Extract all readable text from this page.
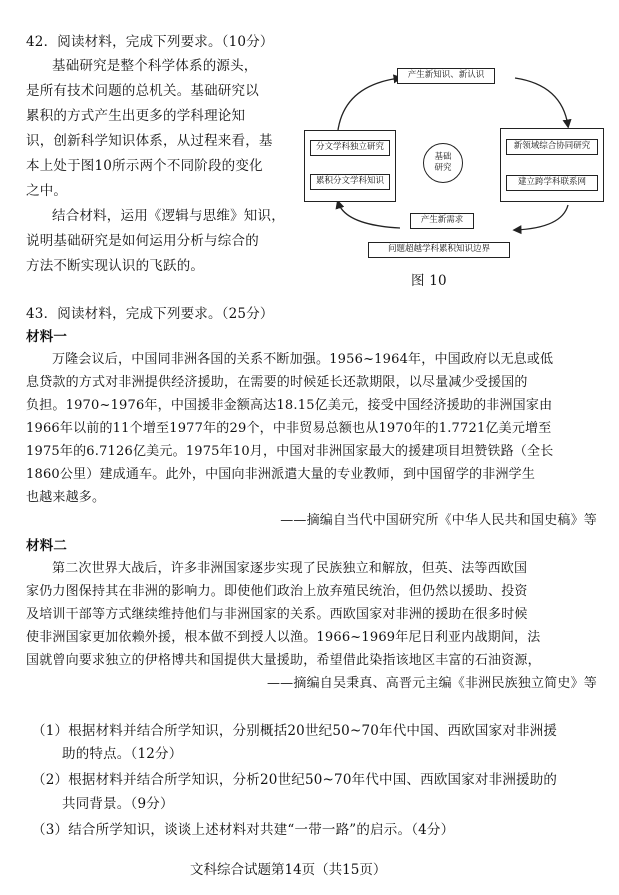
42．阅读材料，完成下列要求。（10分）
基础研究是整个科学体系的源头，
是所有技术问题的总机关。基础研究以
累积的方式产生出更多的学科理论知
识，创新科学知识体系，从过程来看，基
本上处于图10所示两个不同阶段的变化
之中。
结合材料，运用《逻辑与思维》知识，
说明基础研究是如何运用分析与综合的
方法不断实现认识的飞跃的。
产生新知识、新认识
分文学科独立研究
累积分文学科知识
基础
研究
新领域综合协同研究
建立跨学科联系网
产生新需求
问题超越学科累积知识边界
图 10
43．阅读材料，完成下列要求。（25分）
材料一
万隆会议后，中国同非洲各国的关系不断加强。1956~1964年，中国政府以无息或低
息贷款的方式对非洲提供经济援助，在需要的时候延长还款期限，以尽量减少受援国的
负担。1970~1976年，中国援非金额高达18.15亿美元，接受中国经济援助的非洲国家由
1966年以前的11个增至1977年的29个，中非贸易总额也从1970年的1.7721亿美元增至
1975年的6.7126亿美元。1975年10月，中国对非洲国家最大的援建项目坦赞铁路（全长
1860公里）建成通车。此外，中国向非洲派遣大量的专业教师，到中国留学的非洲学生
也越来越多。
——摘编自当代中国研究所《中华人民共和国史稿》等
材料二
第二次世界大战后，许多非洲国家逐步实现了民族独立和解放，但英、法等西欧国
家仍力图保持其在非洲的影响力。即使他们政治上放弃殖民统治，但仍然以援助、投资
及培训干部等方式继续维持他们与非洲国家的关系。西欧国家对非洲的援助在很多时候
使非洲国家更加依赖外援，根本做不到授人以渔。1966~1969年尼日利亚内战期间，法
国就曾向要求独立的伊格博共和国提供大量援助，希望借此染指该地区丰富的石油资源，
——摘编自吴秉真、高晋元主编《非洲民族独立简史》等
（1）根据材料并结合所学知识，分别概括20世纪50~70年代中国、西欧国家对非洲援
助的特点。（12分）
（2）根据材料并结合所学知识，分析20世纪50~70年代中国、西欧国家对非洲援助的
共同背景。（9分）
（3）结合所学知识，谈谈上述材料对共建“一带一路”的启示。（4分）
文科综合试题第14页（共15页）
